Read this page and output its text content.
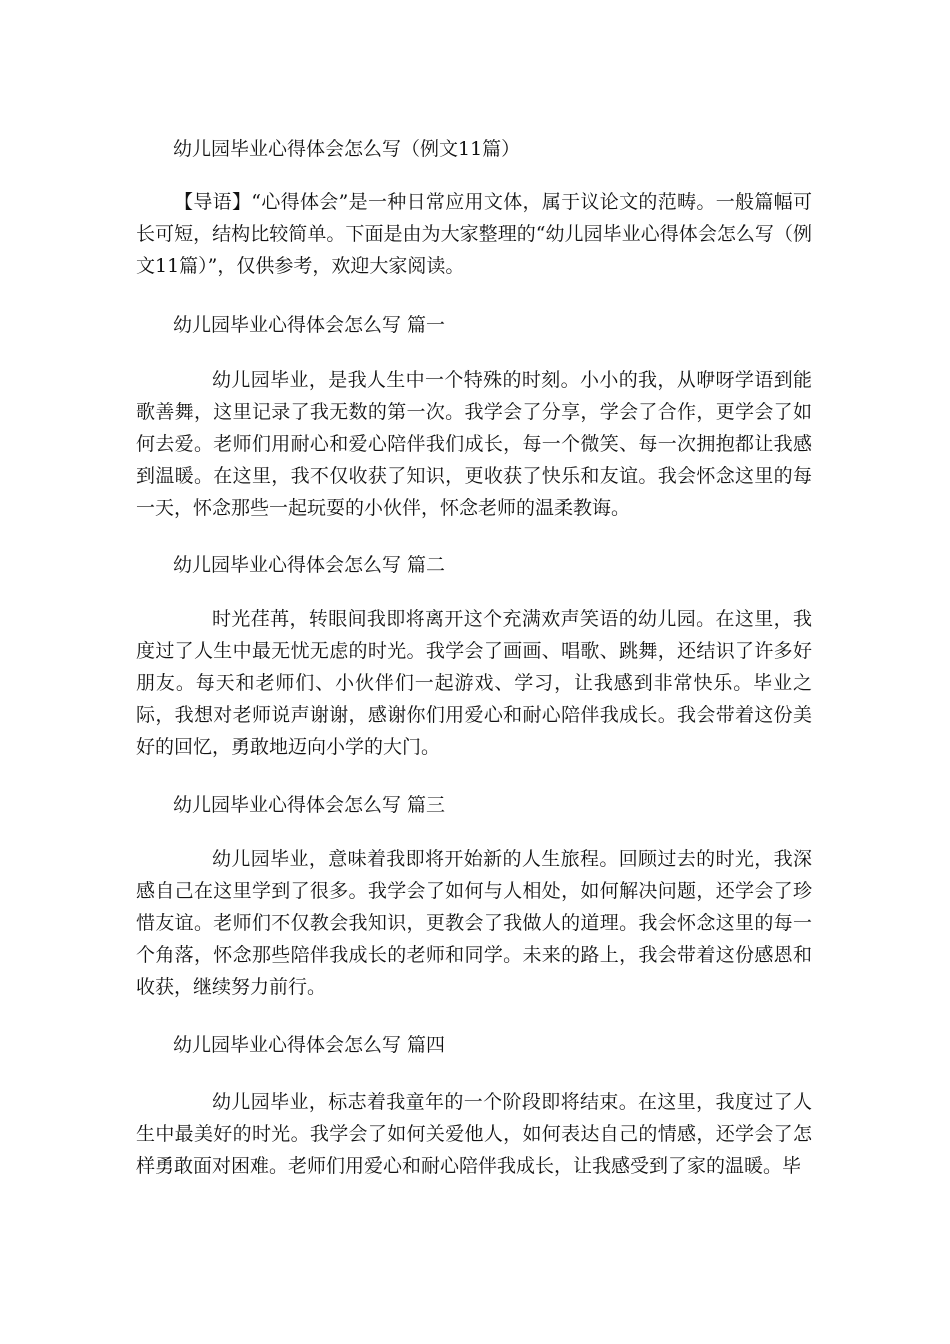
幼儿园毕业心得体会怎么写（例文11篇）
【导语】“心得体会”是一种日常应用文体，属于议论文的范畴。一般篇幅可长可短，结构比较简单。下面是由为大家整理的“幼儿园毕业心得体会怎么写（例文11篇）”，仅供参考，欢迎大家阅读。
幼儿园毕业心得体会怎么写 篇一
幼儿园毕业，是我人生中一个特殊的时刻。小小的我，从咿呀学语到能歌善舞，这里记录了我无数的第一次。我学会了分享，学会了合作，更学会了如何去爱。老师们用耐心和爱心陪伴我们成长，每一个微笑、每一次拥抱都让我感到温暖。在这里，我不仅收获了知识，更收获了快乐和友谊。我会怀念这里的每一天，怀念那些一起玩耍的小伙伴，怀念老师的温柔教诲。
幼儿园毕业心得体会怎么写 篇二
时光荏苒，转眼间我即将离开这个充满欢声笑语的幼儿园。在这里，我度过了人生中最无忧无虑的时光。我学会了画画、唱歌、跳舞，还结识了许多好朋友。每天和老师们、小伙伴们一起游戏、学习，让我感到非常快乐。毕业之际，我想对老师说声谢谢，感谢你们用爱心和耐心陪伴我成长。我会带着这份美好的回忆，勇敢地迈向小学的大门。
幼儿园毕业心得体会怎么写 篇三
幼儿园毕业，意味着我即将开始新的人生旅程。回顾过去的时光，我深感自己在这里学到了很多。我学会了如何与人相处，如何解决问题，还学会了珍惜友谊。老师们不仅教会我知识，更教会了我做人的道理。我会怀念这里的每一个角落，怀念那些陪伴我成长的老师和同学。未来的路上，我会带着这份感恩和收获，继续努力前行。
幼儿园毕业心得体会怎么写 篇四
幼儿园毕业，标志着我童年的一个阶段即将结束。在这里，我度过了人生中最美好的时光。我学会了如何关爱他人，如何表达自己的情感，还学会了怎样勇敢面对困难。老师们用爱心和耐心陪伴我成长，让我感受到了家的温暖。毕
